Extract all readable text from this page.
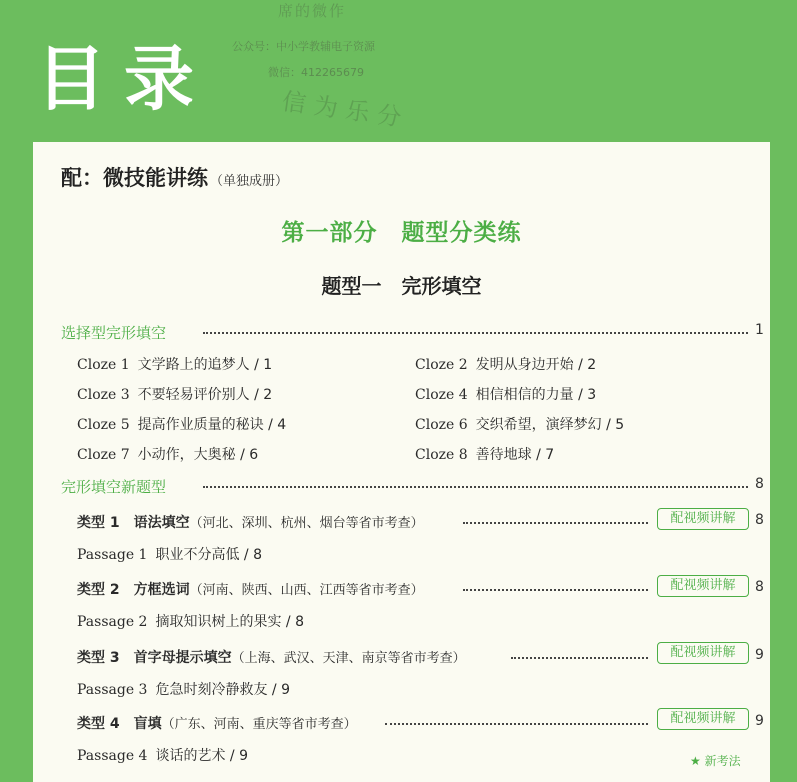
席的微作
公众号：中小学教辅电子资源
微信：412265679
信为乐分
目录
配：微技能讲练 （单独成册）
第一部分　题型分类练
题型一　完形填空
选择型完形填空	1
Cloze 1 文学路上的追梦人 / 1	Cloze 2 发明从身边开始 / 2
Cloze 3 不要轻易评价别人 / 2	Cloze 4 相信相信的力量 / 3
Cloze 5 提高作业质量的秘诀 / 4	Cloze 6 交织希望，演绎梦幻 / 5
Cloze 7 小动作，大奥秘 / 6	Cloze 8 善待地球 / 7
完形填空新题型	8
类型 1　语法填空（河北、深圳、杭州、烟台等省市考查）	配视频讲解	8
Passage 1 职业不分高低 / 8
类型 2　方框选词（河南、陕西、山西、江西等省市考查）	配视频讲解	8
Passage 2 摘取知识树上的果实 / 8
类型 3　首字母提示填空（上海、武汉、天津、南京等省市考查）	配视频讲解	9
Passage 3 危急时刻冷静救友 / 9
类型 4　盲填（广东、河南、重庆等省市考查）	配视频讲解	9
Passage 4 谈话的艺术 / 9	★ 新考法
